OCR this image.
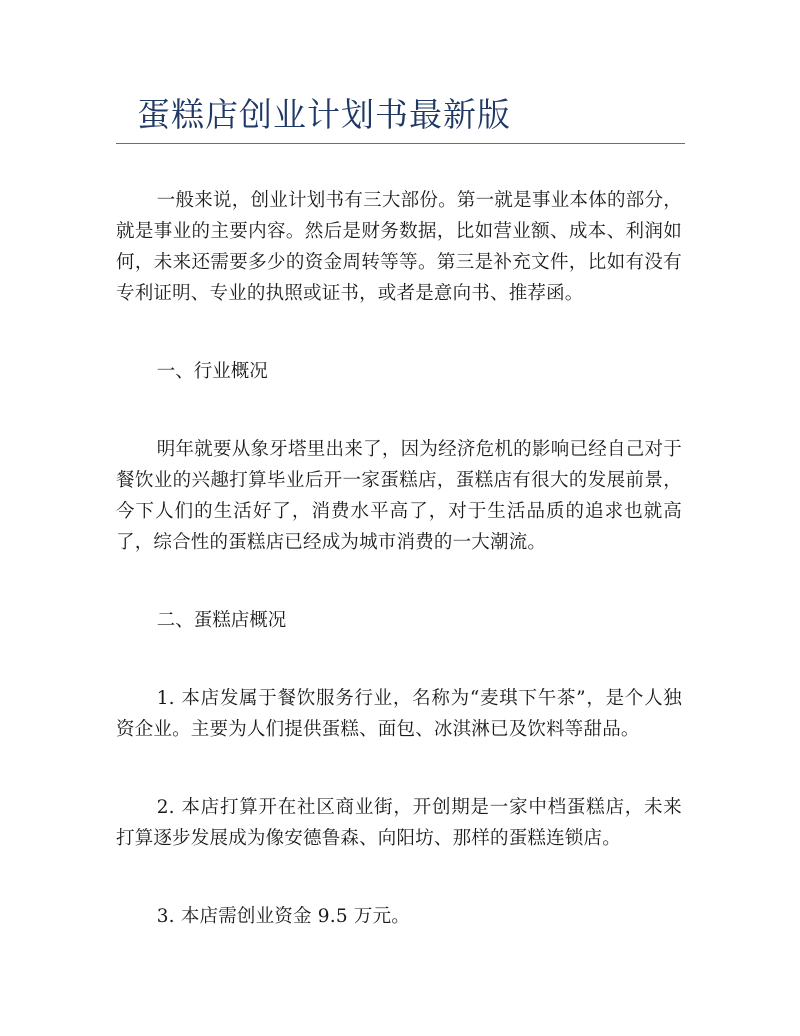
蛋糕店创业计划书最新版

一般来说，创业计划书有三大部份。第一就是事业本体的部分，就是事业的主要内容。然后是财务数据，比如营业额、成本、利润如何，未来还需要多少的资金周转等等。第三是补充文件，比如有没有专利证明、专业的执照或证书，或者是意向书、推荐函。

一、行业概况

明年就要从象牙塔里出来了，因为经济危机的影响已经自己对于餐饮业的兴趣打算毕业后开一家蛋糕店，蛋糕店有很大的发展前景，今下人们的生活好了，消费水平高了，对于生活品质的追求也就高了，综合性的蛋糕店已经成为城市消费的一大潮流。

二、蛋糕店概况

1. 本店发属于餐饮服务行业，名称为“麦琪下午茶”，是个人独资企业。主要为人们提供蛋糕、面包、冰淇淋已及饮料等甜品。

2. 本店打算开在社区商业街，开创期是一家中档蛋糕店，未来打算逐步发展成为像安德鲁森、向阳坊、那样的蛋糕连锁店。

3. 本店需创业资金 9.5 万元。
